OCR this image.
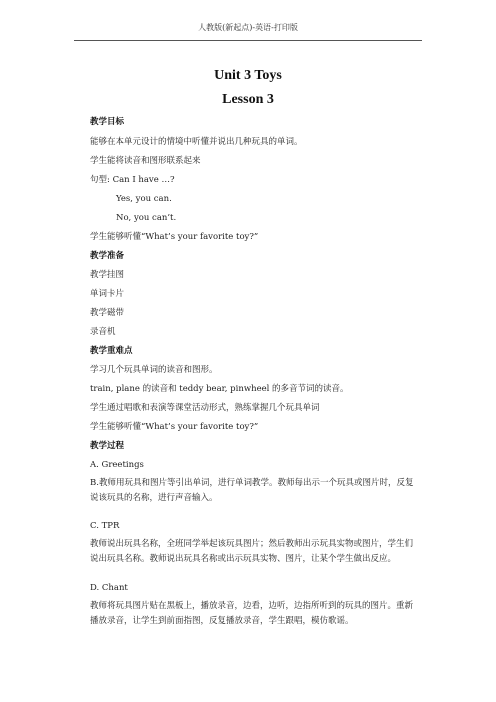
人教版(新起点)-英语-打印版
Unit 3 Toys
Lesson 3
教学目标
能够在本单元设计的情境中听懂并说出几种玩具的单词。
学生能将读音和图形联系起来
句型: Can I have …?
Yes, you can.
No, you can’t.
学生能够听懂“What’s your favorite toy?”
教学准备
教学挂图
单词卡片
教学磁带
录音机
教学重难点
学习几个玩具单词的读音和图形。
train, plane 的读音和 teddy bear, pinwheel 的多音节词的读音。
学生通过唱歌和表演等课堂活动形式，熟练掌握几个玩具单词
学生能够听懂“What’s your favorite toy?”
教学过程
A. Greetings
B.教师用玩具和图片等引出单词，进行单词教学。教师每出示一个玩具或图片时，反复说该玩具的名称，进行声音输入。
C. TPR
教师说出玩具名称，全班同学举起该玩具图片；然后教师出示玩具实物或图片，学生们说出玩具名称。教师说出玩具名称或出示玩具实物、图片，让某个学生做出反应。
D. Chant
教师将玩具图片贴在黑板上，播放录音，边看，边听，边指所听到的玩具的图片。重新播放录音，让学生到前面指图，反复播放录音，学生跟唱，模仿歌谣。
